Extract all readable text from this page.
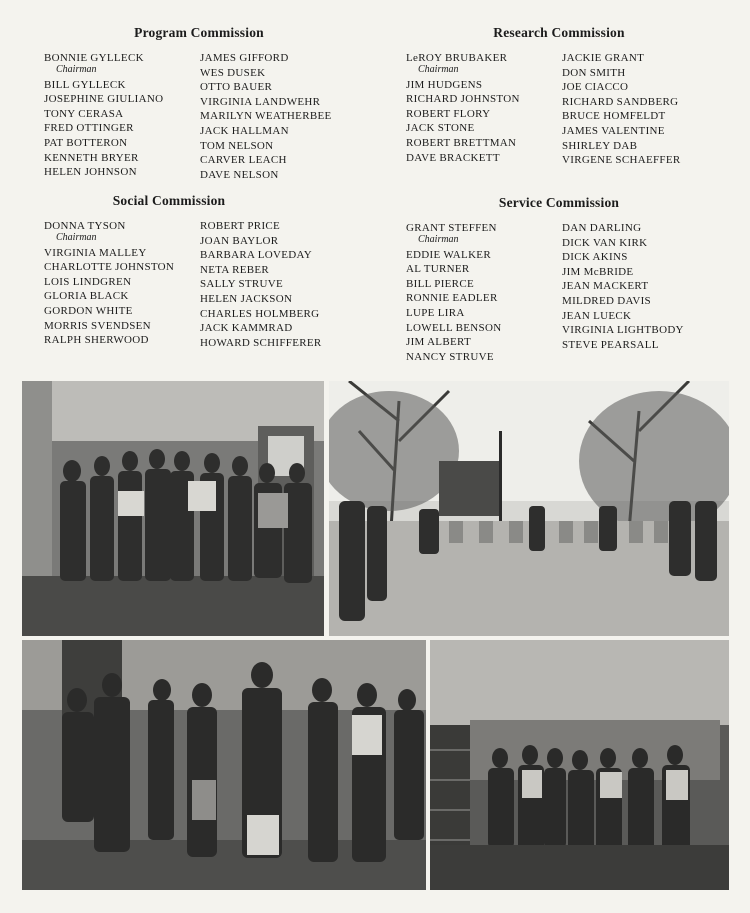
Program Commission
BONNIE GYLLECK
Chairman
BILL GYLLECK
JOSEPHINE GIULIANO
TONY CERASA
FRED OTTINGER
PAT BOTTERON
KENNETH BRYER
HELEN JOHNSON
JAMES GIFFORD
WES DUSEK
OTTO BAUER
VIRGINIA LANDWEHR
MARILYN WEATHERBEE
JACK HALLMAN
TOM NELSON
CARVER LEACH
DAVE NELSON
Research Commission
LeROY BRUBAKER
Chairman
JIM HUDGENS
RICHARD JOHNSTON
ROBERT FLORY
JACK STONE
ROBERT BRETTMAN
DAVE BRACKETT
JACKIE GRANT
DON SMITH
JOE CIACCO
RICHARD SANDBERG
BRUCE HOMFELDT
JAMES VALENTINE
SHIRLEY DAB
VIRGENE SCHAEFFER
Social Commission
DONNA TYSON
Chairman
VIRGINIA MALLEY
CHARLOTTE JOHNSTON
LOIS LINDGREN
GLORIA BLACK
GORDON WHITE
MORRIS SVENDSEN
RALPH SHERWOOD
ROBERT PRICE
JOAN BAYLOR
BARBARA LOVEDAY
NETA REBER
SALLY STRUVE
HELEN JACKSON
CHARLES HOLMBERG
JACK KAMMRAD
HOWARD SCHIFFERER
Service Commission
GRANT STEFFEN
Chairman
EDDIE WALKER
AL TURNER
BILL PIERCE
RONNIE EADLER
LUPE LIRA
LOWELL BENSON
JIM ALBERT
NANCY STRUVE
DAN DARLING
DICK VAN KIRK
DICK AKINS
JIM McBRIDE
JEAN MACKERT
MILDRED DAVIS
JEAN LUECK
VIRGINIA LIGHTBODY
STEVE PEARSALL
